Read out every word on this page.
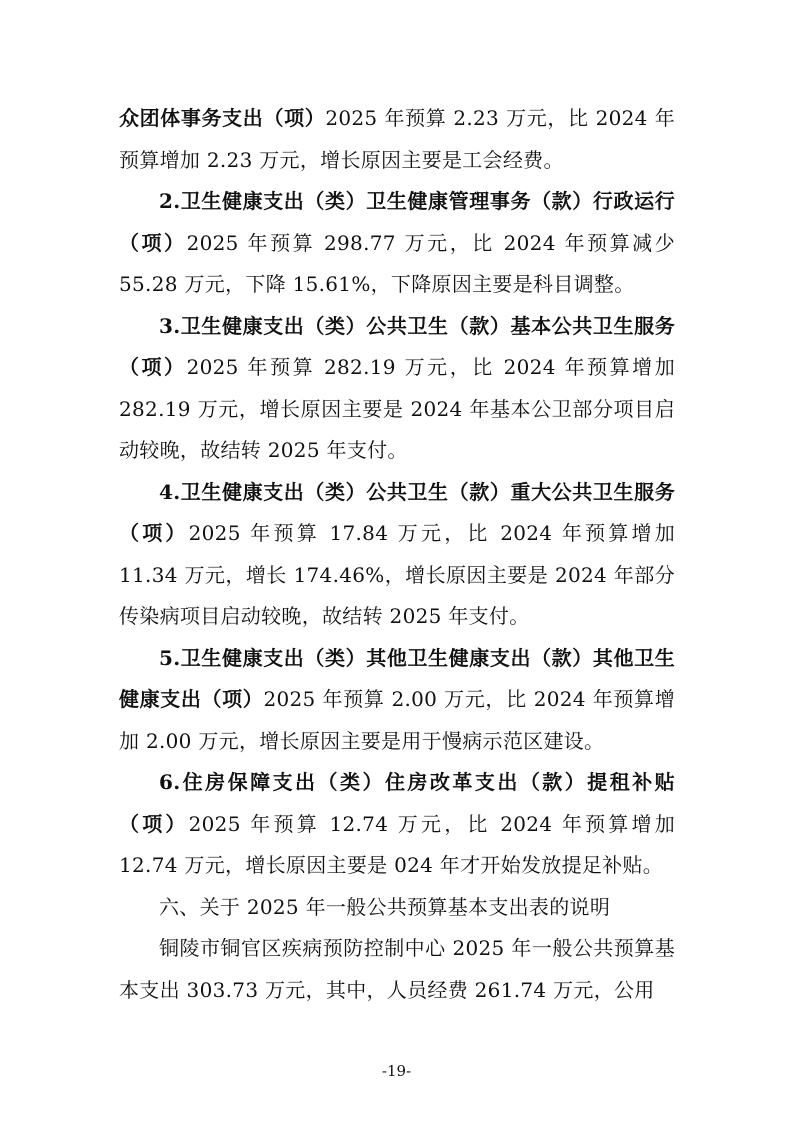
众团体事务支出（项）2025 年预算 2.23 万元，比 2024 年预算增加 2.23 万元，增长原因主要是工会经费。

2.卫生健康支出（类）卫生健康管理事务（款）行政运行（项）2025 年预算 298.77 万元，比 2024 年预算减少 55.28 万元，下降 15.61%，下降原因主要是科目调整。

3.卫生健康支出（类）公共卫生（款）基本公共卫生服务（项）2025 年预算 282.19 万元，比 2024 年预算增加 282.19 万元，增长原因主要是 2024 年基本公卫部分项目启动较晚，故结转 2025 年支付。

4.卫生健康支出（类）公共卫生（款）重大公共卫生服务（项）2025 年预算 17.84 万元，比 2024 年预算增加 11.34 万元，增长 174.46%，增长原因主要是 2024 年部分传染病项目启动较晚，故结转 2025 年支付。

5.卫生健康支出（类）其他卫生健康支出（款）其他卫生健康支出（项）2025 年预算 2.00 万元，比 2024 年预算增加 2.00 万元，增长原因主要是用于慢病示范区建设。

6.住房保障支出（类）住房改革支出（款）提租补贴（项）2025 年预算 12.74 万元，比 2024 年预算增加 12.74 万元，增长原因主要是 024 年才开始发放提足补贴。

六、关于 2025 年一般公共预算基本支出表的说明

铜陵市铜官区疾病预防控制中心 2025 年一般公共预算基本支出 303.73 万元，其中，人员经费 261.74 万元，公用

-19-
